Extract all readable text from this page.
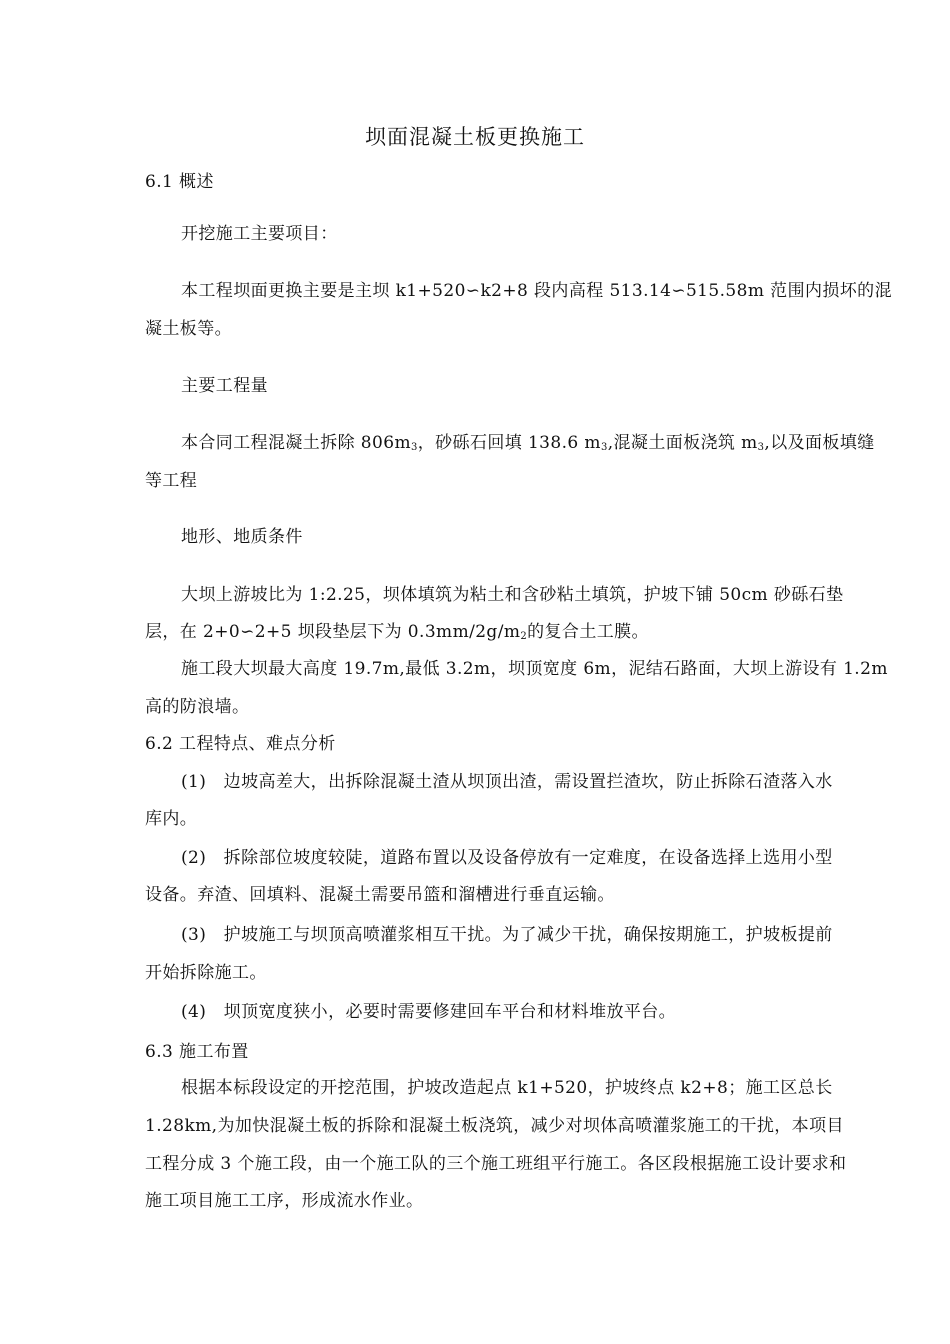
坝面混凝土板更换施工
6.1 概述
开挖施工主要项目：
本工程坝面更换主要是主坝 k1+520∽k2+8 段内高程 513.14∽515.58m 范围内损坏的混
凝土板等。
主要工程量
本合同工程混凝土拆除 $806m_3$，砂砾石回填 138.6 $m_3$,混凝土面板浇筑 $m_3$,以及面板填缝
等工程
地形、地质条件
大坝上游坡比为 1:2.25，坝体填筑为粘土和含砂粘土填筑，护坡下铺 50cm 砂砾石垫
层，在 2+0∽2+5 坝段垫层下为 $0.3mm/2g/m_2$的复合土工膜。
施工段大坝最大高度 19.7m,最低 3.2m，坝顶宽度 6m，泥结石路面，大坝上游设有 1.2m
高的防浪墙。
6.2 工程特点、难点分析
(1)　边坡高差大，出拆除混凝土渣从坝顶出渣，需设置拦渣坎，防止拆除石渣落入水
库内。
(2)　拆除部位坡度较陡，道路布置以及设备停放有一定难度，在设备选择上选用小型
设备。弃渣、回填料、混凝土需要吊篮和溜槽进行垂直运输。
(3)　护坡施工与坝顶高喷灌浆相互干扰。为了减少干扰，确保按期施工，护坡板提前
开始拆除施工。
(4)　坝顶宽度狭小，必要时需要修建回车平台和材料堆放平台。
6.3 施工布置
根据本标段设定的开挖范围，护坡改造起点 k1+520，护坡终点 k2+8；施工区总长
1.28km,为加快混凝土板的拆除和混凝土板浇筑，减少对坝体高喷灌浆施工的干扰，本项目
工程分成 3 个施工段，由一个施工队的三个施工班组平行施工。各区段根据施工设计要求和
施工项目施工工序，形成流水作业。
